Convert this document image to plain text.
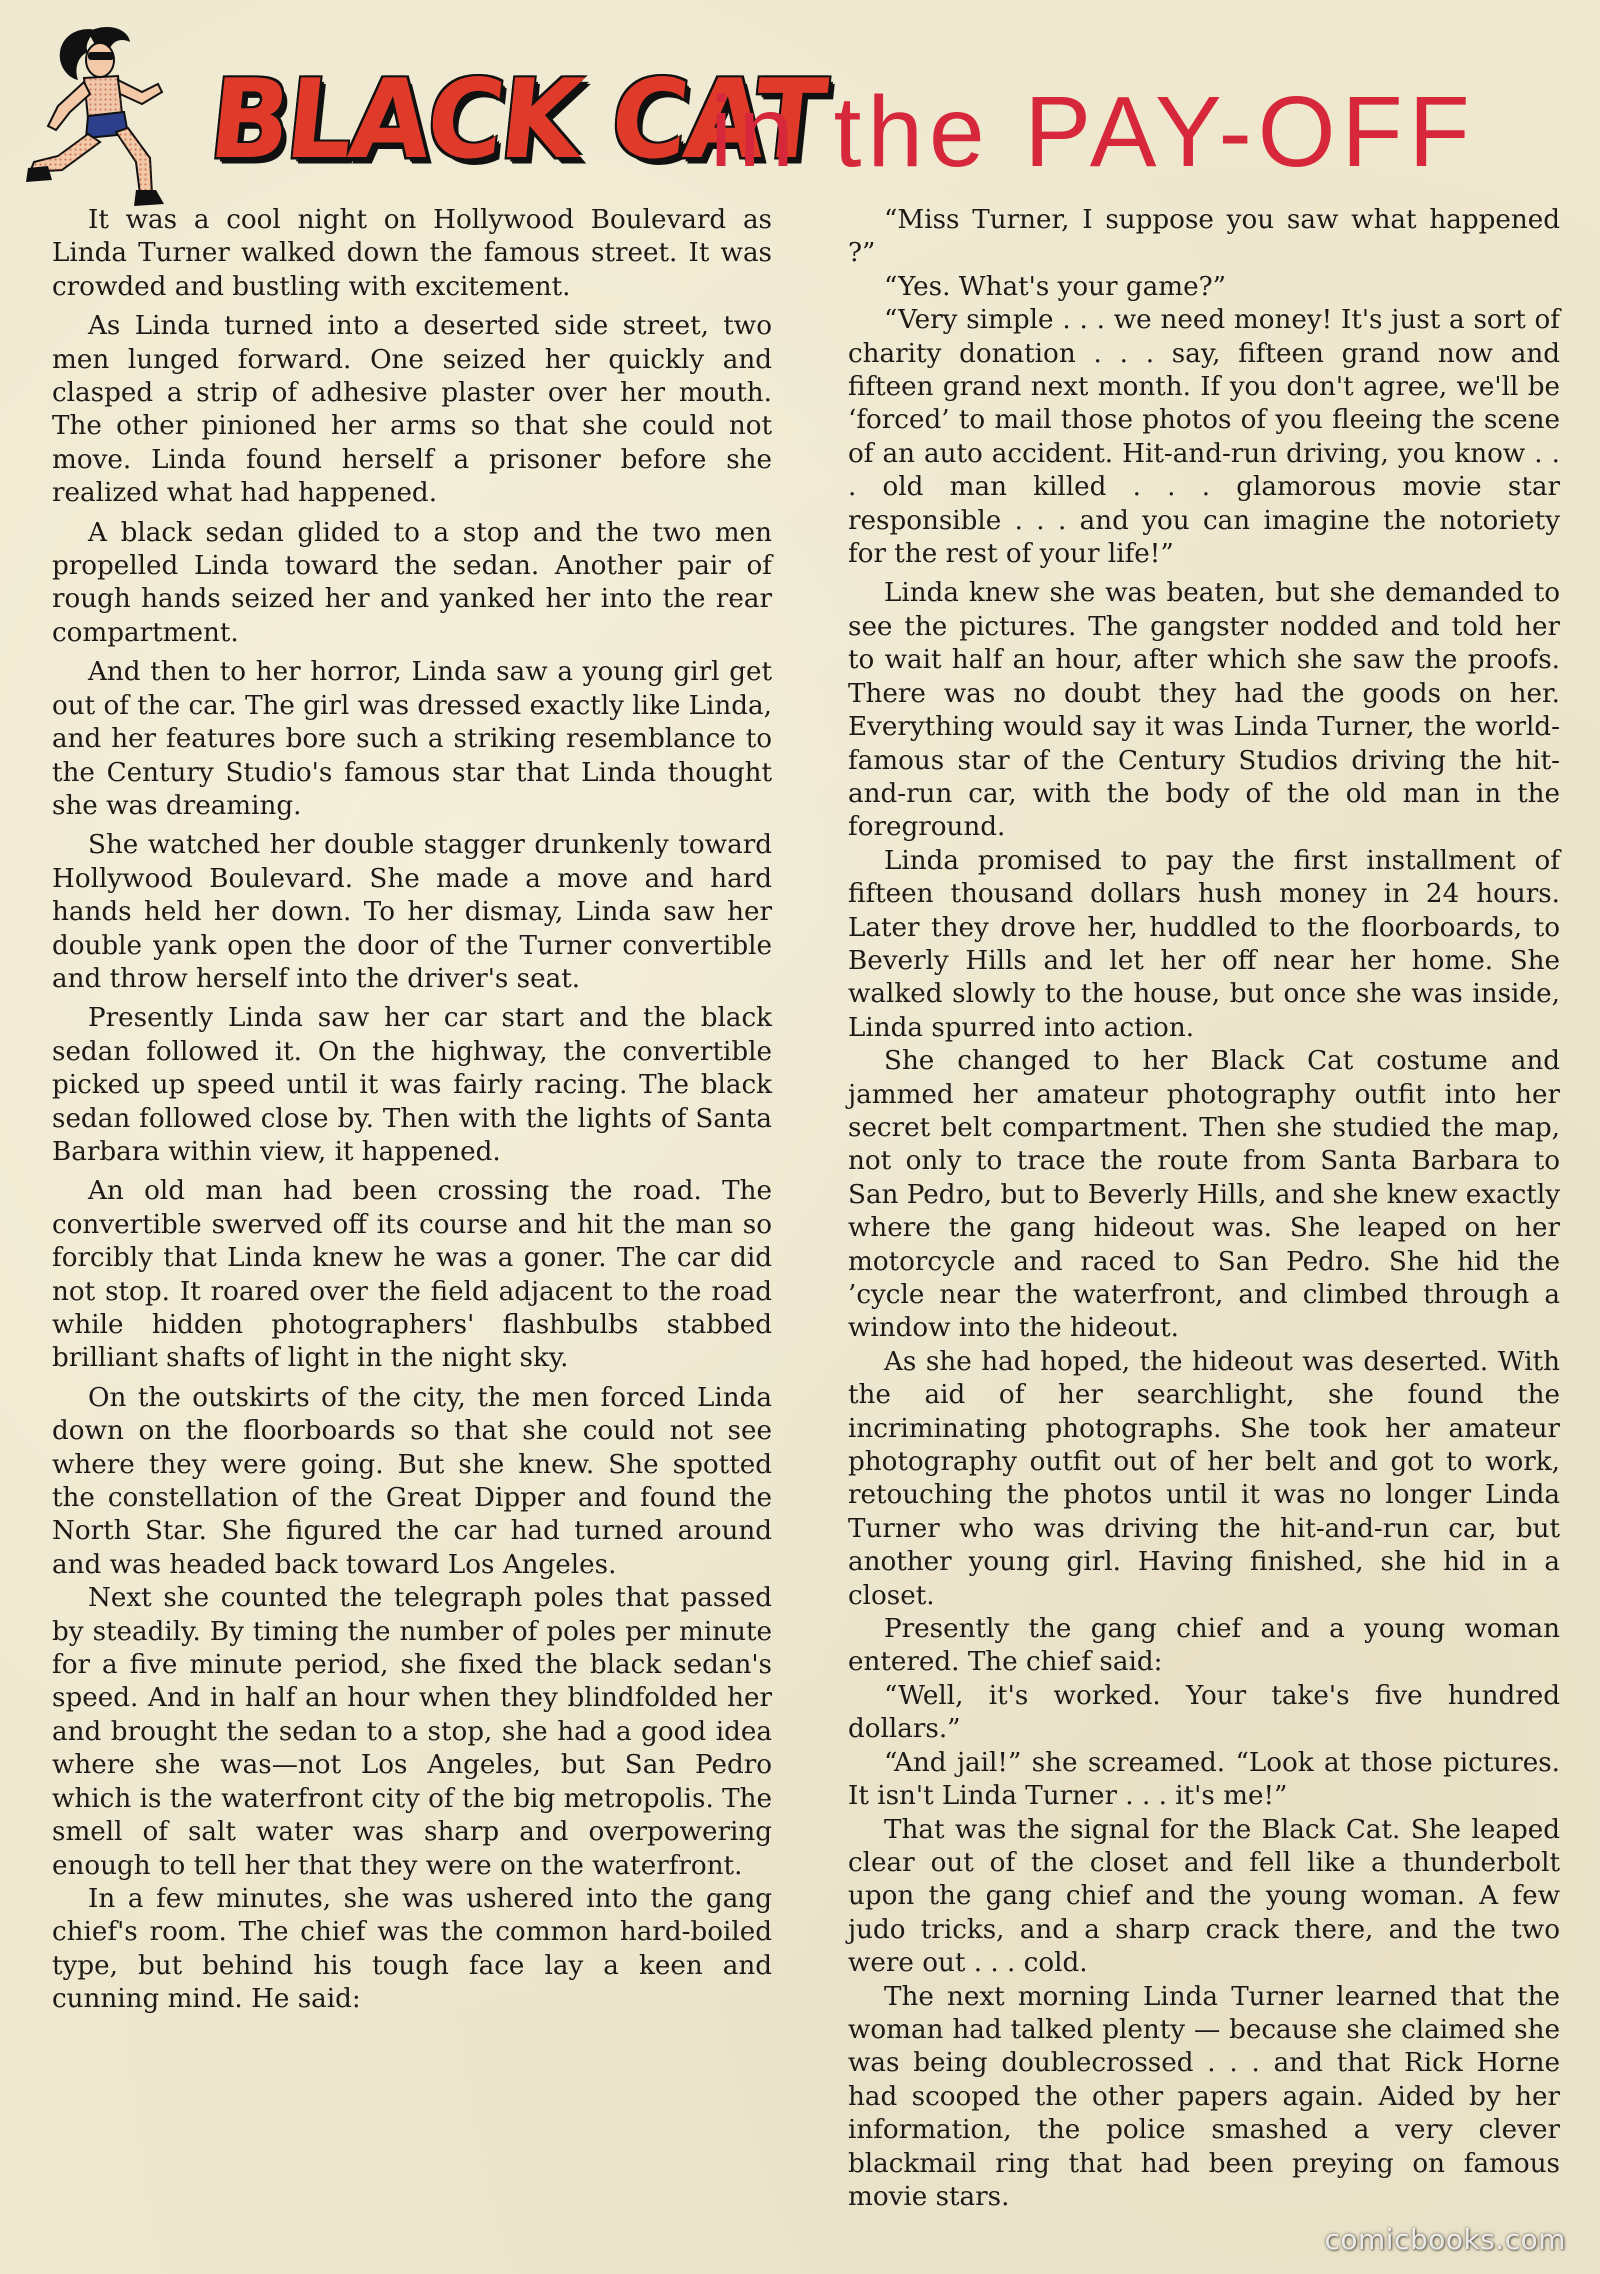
BLACK CAT
in the PAY-OFF

It was a cool night on Hollywood Boulevard as Linda Turner walked down the famous street. It was crowded and bustling with excitement.

As Linda turned into a deserted side street, two men lunged forward. One seized her quickly and clasped a strip of adhesive plaster over her mouth. The other pinioned her arms so that she could not move. Linda found herself a prisoner before she realized what had happened.

A black sedan glided to a stop and the two men propelled Linda toward the sedan. Another pair of rough hands seized her and yanked her into the rear compartment.

And then to her horror, Linda saw a young girl get out of the car. The girl was dressed exactly like Linda, and her features bore such a striking resemblance to the Century Studio's famous star that Linda thought she was dreaming.

She watched her double stagger drunkenly toward Hollywood Boulevard. She made a move and hard hands held her down. To her dismay, Linda saw her double yank open the door of the Turner convertible and throw herself into the driver's seat.

Presently Linda saw her car start and the black sedan followed it. On the highway, the convertible picked up speed until it was fairly racing. The black sedan followed close by. Then with the lights of Santa Barbara within view, it happened.

An old man had been crossing the road. The convertible swerved off its course and hit the man so forcibly that Linda knew he was a goner. The car did not stop. It roared over the field adjacent to the road while hidden photographers' flashbulbs stabbed brilliant shafts of light in the night sky.

On the outskirts of the city, the men forced Linda down on the floorboards so that she could not see where they were going. But she knew. She spotted the constellation of the Great Dipper and found the North Star. She figured the car had turned around and was headed back toward Los Angeles.

Next she counted the telegraph poles that passed by steadily. By timing the number of poles per minute for a five minute period, she fixed the black sedan's speed. And in half an hour when they blindfolded her and brought the sedan to a stop, she had a good idea where she was—not Los Angeles, but San Pedro which is the waterfront city of the big metropolis. The smell of salt water was sharp and overpowering enough to tell her that they were on the waterfront.

In a few minutes, she was ushered into the gang chief's room. The chief was the common hard-boiled type, but behind his tough face lay a keen and cunning mind. He said:

“Miss Turner, I suppose you saw what happened ?”

“Yes. What's your game?”

“Very simple . . . we need money! It's just a sort of charity donation . . . say, fifteen grand now and fifteen grand next month. If you don't agree, we'll be ‘forced’ to mail those photos of you fleeing the scene of an auto accident. Hit-and-run driving, you know . . . old man killed . . . glamorous movie star responsible . . . and you can imagine the notoriety for the rest of your life!”

Linda knew she was beaten, but she demanded to see the pictures. The gangster nodded and told her to wait half an hour, after which she saw the proofs. There was no doubt they had the goods on her. Everything would say it was Linda Turner, the world-famous star of the Century Studios driving the hit-and-run car, with the body of the old man in the foreground.

Linda promised to pay the first installment of fifteen thousand dollars hush money in 24 hours. Later they drove her, huddled to the floorboards, to Beverly Hills and let her off near her home. She walked slowly to the house, but once she was inside, Linda spurred into action.

She changed to her Black Cat costume and jammed her amateur photography outfit into her secret belt compartment. Then she studied the map, not only to trace the route from Santa Barbara to San Pedro, but to Beverly Hills, and she knew exactly where the gang hideout was. She leaped on her motorcycle and raced to San Pedro. She hid the ’cycle near the waterfront, and climbed through a window into the hideout.

As she had hoped, the hideout was deserted. With the aid of her searchlight, she found the incriminating photographs. She took her amateur photography outfit out of her belt and got to work, retouching the photos until it was no longer Linda Turner who was driving the hit-and-run car, but another young girl. Having finished, she hid in a closet.

Presently the gang chief and a young woman entered. The chief said:

“Well, it's worked. Your take's five hundred dollars.”

“And jail!” she screamed. “Look at those pictures. It isn't Linda Turner . . . it's me!”

That was the signal for the Black Cat. She leaped clear out of the closet and fell like a thunderbolt upon the gang chief and the young woman. A few judo tricks, and a sharp crack there, and the two were out . . . cold.

The next morning Linda Turner learned that the woman had talked plenty — because she claimed she was being doublecrossed . . . and that Rick Horne had scooped the other papers again. Aided by her information, the police smashed a very clever blackmail ring that had been preying on famous movie stars.

comicbooks.com
